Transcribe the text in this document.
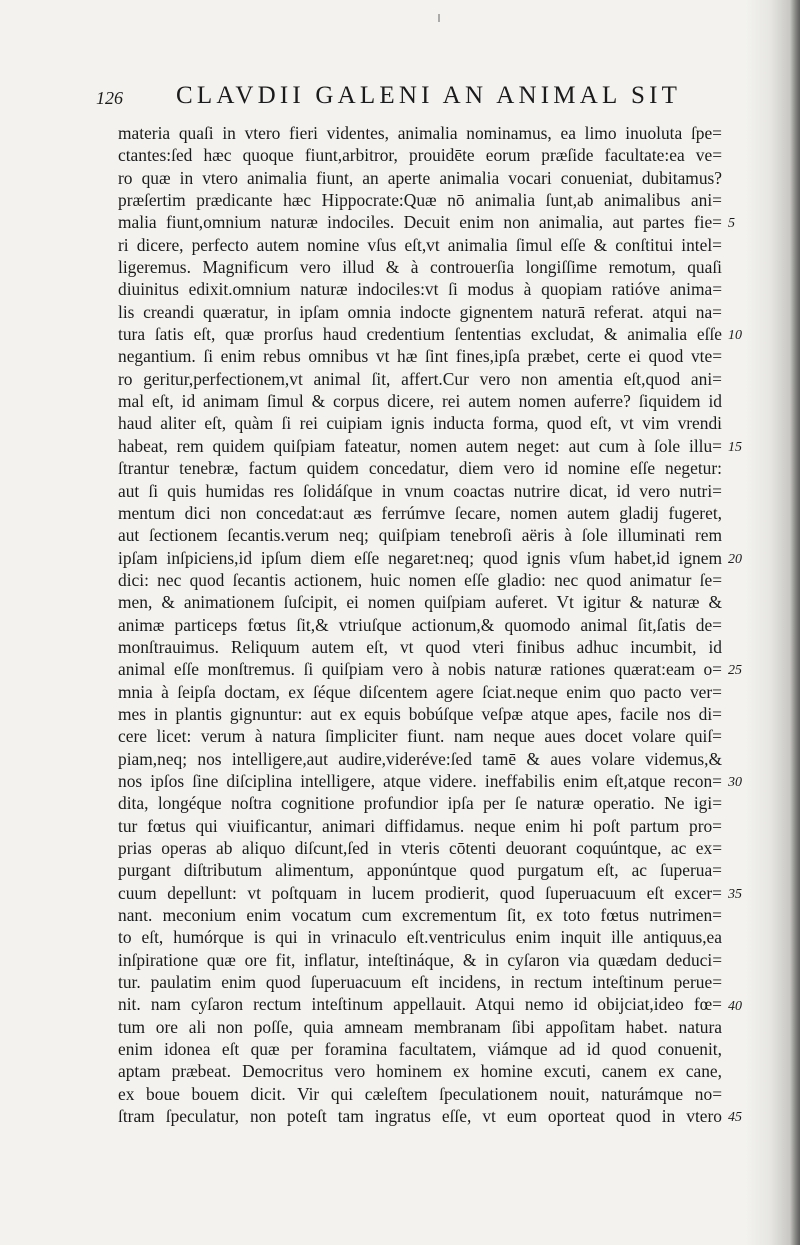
126 CLAVDII GALENI AN ANIMAL SIT
materia quaſi in vtero fieri videntes, animalia nominamus, ea limo inuoluta ſpe=
ctantes:ſed hæc quoque fiunt,arbitror, prouidēte eorum præſide facultate:ea ve=
ro quæ in vtero animalia fiunt, an aperte animalia vocari conueniat, dubitamus?
præſertim prædicante hæc Hippocrate:Quæ nō animalia ſunt,ab animalibus ani=
malia fiunt,omnium naturæ indociles. Decuit enim non animalia, aut partes fie=
ri dicere, perfecto autem nomine vſus eſt,vt animalia ſimul eſſe & conſtitui intel=
ligeremus. Magnificum vero illud & à controuerſia longiſſime remotum, quaſi
diuinitus edixit.omnium naturæ indociles:vt ſi modus à quopiam ratióve anima=
lis creandi quæratur, in ipſam omnia indocte gignentem naturā referat. atqui na=
tura ſatis eſt, quæ prorſus haud credentium ſententias excludat, & animalia eſſe
negantium. ſi enim rebus omnibus vt hæ ſint fines,ipſa præbet, certe ei quod vte=
ro geritur,perfectionem,vt animal ſit, affert.Cur vero non amentia eſt,quod ani=
mal eſt, id animam ſimul & corpus dicere, rei autem nomen auferre? ſiquidem id
haud aliter eſt, quàm ſi rei cuipiam ignis inducta forma, quod eſt, vt vim vrendi
habeat, rem quidem quiſpiam fateatur, nomen autem neget: aut cum à ſole illu=
ſtrantur tenebræ, factum quidem concedatur, diem vero id nomine eſſe negetur:
aut ſi quis humidas res ſolidáſque in vnum coactas nutrire dicat, id vero nutri=
mentum dici non concedat:aut æs ferrúmve ſecare, nomen autem gladij fugeret,
aut ſectionem ſecantis.verum neq; quiſpiam tenebroſi aëris à ſole illuminati rem
ipſam inſpiciens,id ipſum diem eſſe negaret:neq; quod ignis vſum habet,id ignem
dici: nec quod ſecantis actionem, huic nomen eſſe gladio: nec quod animatur ſe=
men, & animationem ſuſcipit, ei nomen quiſpiam auferet. Vt igitur & naturæ &
animæ particeps fœtus ſit,& vtriuſque actionum,& quomodo animal ſit,ſatis de=
monſtrauimus. Reliquum autem eſt, vt quod vteri finibus adhuc incumbit, id
animal eſſe monſtremus. ſi quiſpiam vero à nobis naturæ rationes quærat:eam o=
mnia à ſeipſa doctam, ex ſéque diſcentem agere ſciat.neque enim quo pacto ver=
mes in plantis gignuntur: aut ex equis bobúſque veſpæ atque apes, facile nos di=
cere licet: verum à natura ſimpliciter fiunt. nam neque aues docet volare quiſ=
piam,neq; nos intelligere,aut audire,videréve:ſed tamē & aues volare videmus,&
nos ipſos ſine diſciplina intelligere, atque videre. ineffabilis enim eſt,atque recon=
dita, longéque noſtra cognitione profundior ipſa per ſe naturæ operatio. Ne igi=
tur fœtus qui viuificantur, animari diffidamus. neque enim hi poſt partum pro=
prias operas ab aliquo diſcunt,ſed in vteris cōtenti deuorant coquúntque, ac ex=
purgant diſtributum alimentum, apponúntque quod purgatum eſt, ac ſuperua=
cuum depellunt: vt poſtquam in lucem prodierit, quod ſuperuacuum eſt excer=
nant. meconium enim vocatum cum excrementum ſit, ex toto fœtus nutrimen=
to eſt, humórque is qui in vrinaculo eſt.ventriculus enim inquit ille antiquus,ea
inſpiratione quæ ore fit, inflatur, inteſtináque, & in cyſaron via quædam deduci=
tur. paulatim enim quod ſuperuacuum eſt incidens, in rectum inteſtinum perue=
nit. nam cyſaron rectum inteſtinum appellauit. Atqui nemo id obijciat,ideo fœ=
tum ore ali non poſſe, quia amneam membranam ſibi appoſitam habet. natura
enim idonea eſt quæ per foramina facultatem, viámque ad id quod conuenit,
aptam præbeat. Democritus vero hominem ex homine excuti, canem ex cane,
ex boue bouem dicit. Vir qui cæleſtem ſpeculationem nouit, naturámque no=
ſtram ſpeculatur, non poteſt tam ingratus eſſe, vt eum oporteat quod in vtero
5
10
15
20
25
30
35
40
45
